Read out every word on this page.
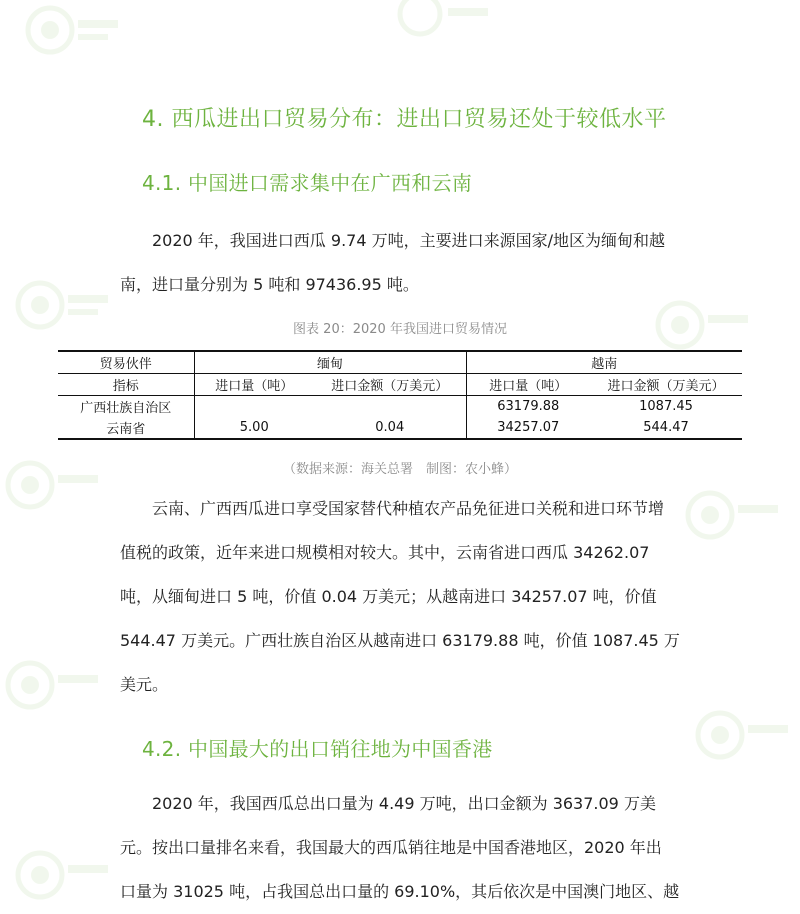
4. 西瓜进出口贸易分布：进出口贸易还处于较低水平
4.1. 中国进口需求集中在广西和云南
　　2020 年，我国进口西瓜 9.74 万吨，主要进口来源国家/地区为缅甸和越
南，进口量分别为 5 吨和 97436.95 吨。
图表 20：2020 年我国进口贸易情况
贸易伙伴	缅甸		越南	
指标	进口量（吨）	进口金额（万美元）	进口量（吨）	进口金额（万美元）
广西壮族自治区			63179.88	1087.45
云南省	5.00	0.04	34257.07	544.47
（数据来源：海关总署　制图：农小蜂）
　　云南、广西西瓜进口享受国家替代种植农产品免征进口关税和进口环节增
值税的政策，近年来进口规模相对较大。其中，云南省进口西瓜 34262.07
吨，从缅甸进口 5 吨，价值 0.04 万美元；从越南进口 34257.07 吨，价值
544.47 万美元。广西壮族自治区从越南进口 63179.88 吨，价值 1087.45 万
美元。
4.2. 中国最大的出口销往地为中国香港
　　2020 年，我国西瓜总出口量为 4.49 万吨，出口金额为 3637.09 万美
元。按出口量排名来看，我国最大的西瓜销往地是中国香港地区，2020 年出
口量为 31025 吨，占我国总出口量的 69.10%，其后依次是中国澳门地区、越
